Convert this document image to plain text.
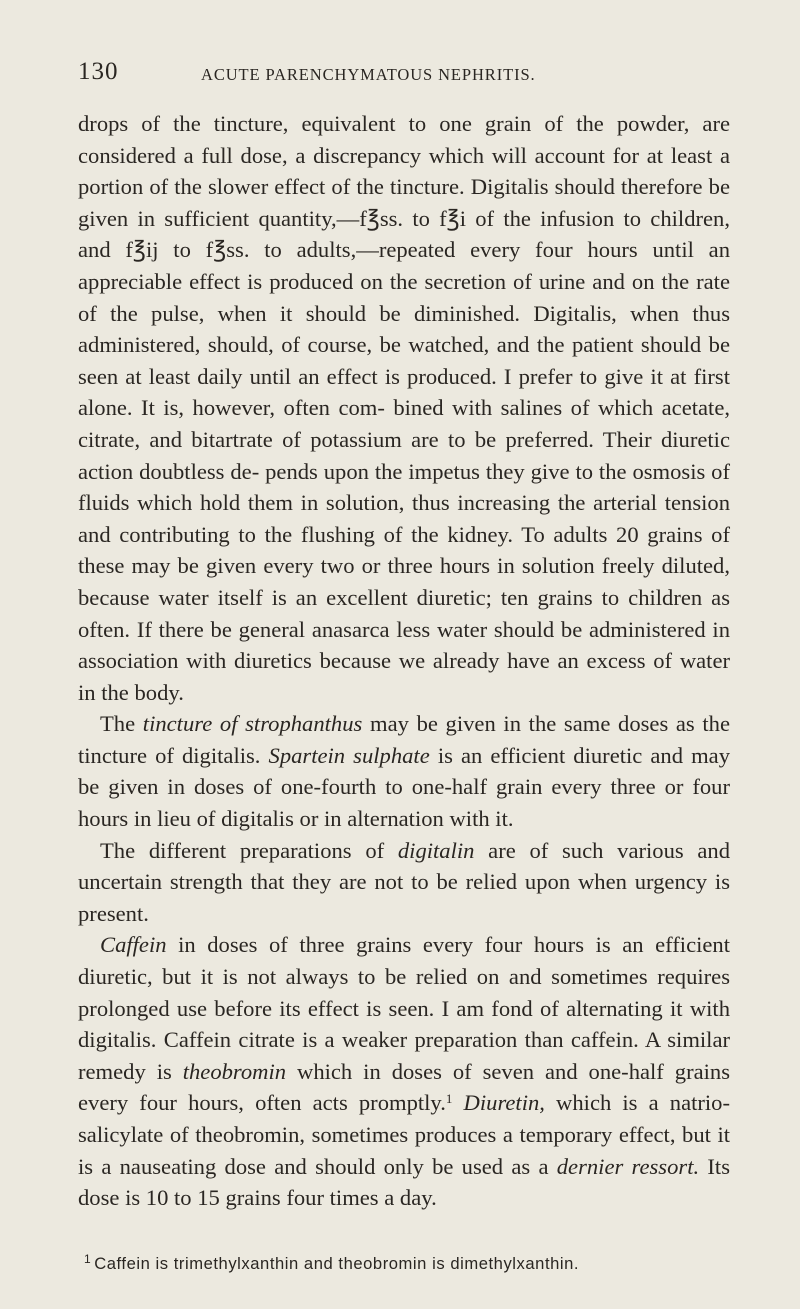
130	ACUTE PARENCHYMATOUS NEPHRITIS.

drops of the tincture, equivalent to one grain of the powder, are considered a full dose, a discrepancy which will account for at least a portion of the slower effect of the tincture. Digitalis should therefore be given in sufficient quantity,—f℥ss. to f℥i of the infusion to children, and f℥ij to f℥ss. to adults,—repeated every four hours until an appreciable effect is produced on the secretion of urine and on the rate of the pulse, when it should be diminished. Digitalis, when thus administered, should, of course, be watched, and the patient should be seen at least daily until an effect is produced. I prefer to give it at first alone. It is, however, often com- bined with salines of which acetate, citrate, and bitartrate of potassium are to be preferred. Their diuretic action doubtless de- pends upon the impetus they give to the osmosis of fluids which hold them in solution, thus increasing the arterial tension and contributing to the flushing of the kidney. To adults 20 grains of these may be given every two or three hours in solution freely diluted, because water itself is an excellent diuretic; ten grains to children as often. If there be general anasarca less water should be administered in association with diuretics because we already have an excess of water in the body.

The tincture of strophanthus may be given in the same doses as the tincture of digitalis. Spartein sulphate is an efficient diuretic and may be given in doses of one-fourth to one-half grain every three or four hours in lieu of digitalis or in alternation with it.

The different preparations of digitalin are of such various and uncertain strength that they are not to be relied upon when urgency is present.

Caffein in doses of three grains every four hours is an efficient diuretic, but it is not always to be relied on and sometimes requires prolonged use before its effect is seen. I am fond of alternating it with digitalis. Caffein citrate is a weaker preparation than caffein. A similar remedy is theobromin which in doses of seven and one-half grains every four hours, often acts promptly.$^1$ Diuretin, which is a natrio-salicylate of theobromin, sometimes produces a temporary effect, but it is a nauseating dose and should only be used as a dernier ressort. Its dose is 10 to 15 grains four times a day.

$^1$ Caffein is trimethylxanthin and theobromin is dimethylxanthin.
